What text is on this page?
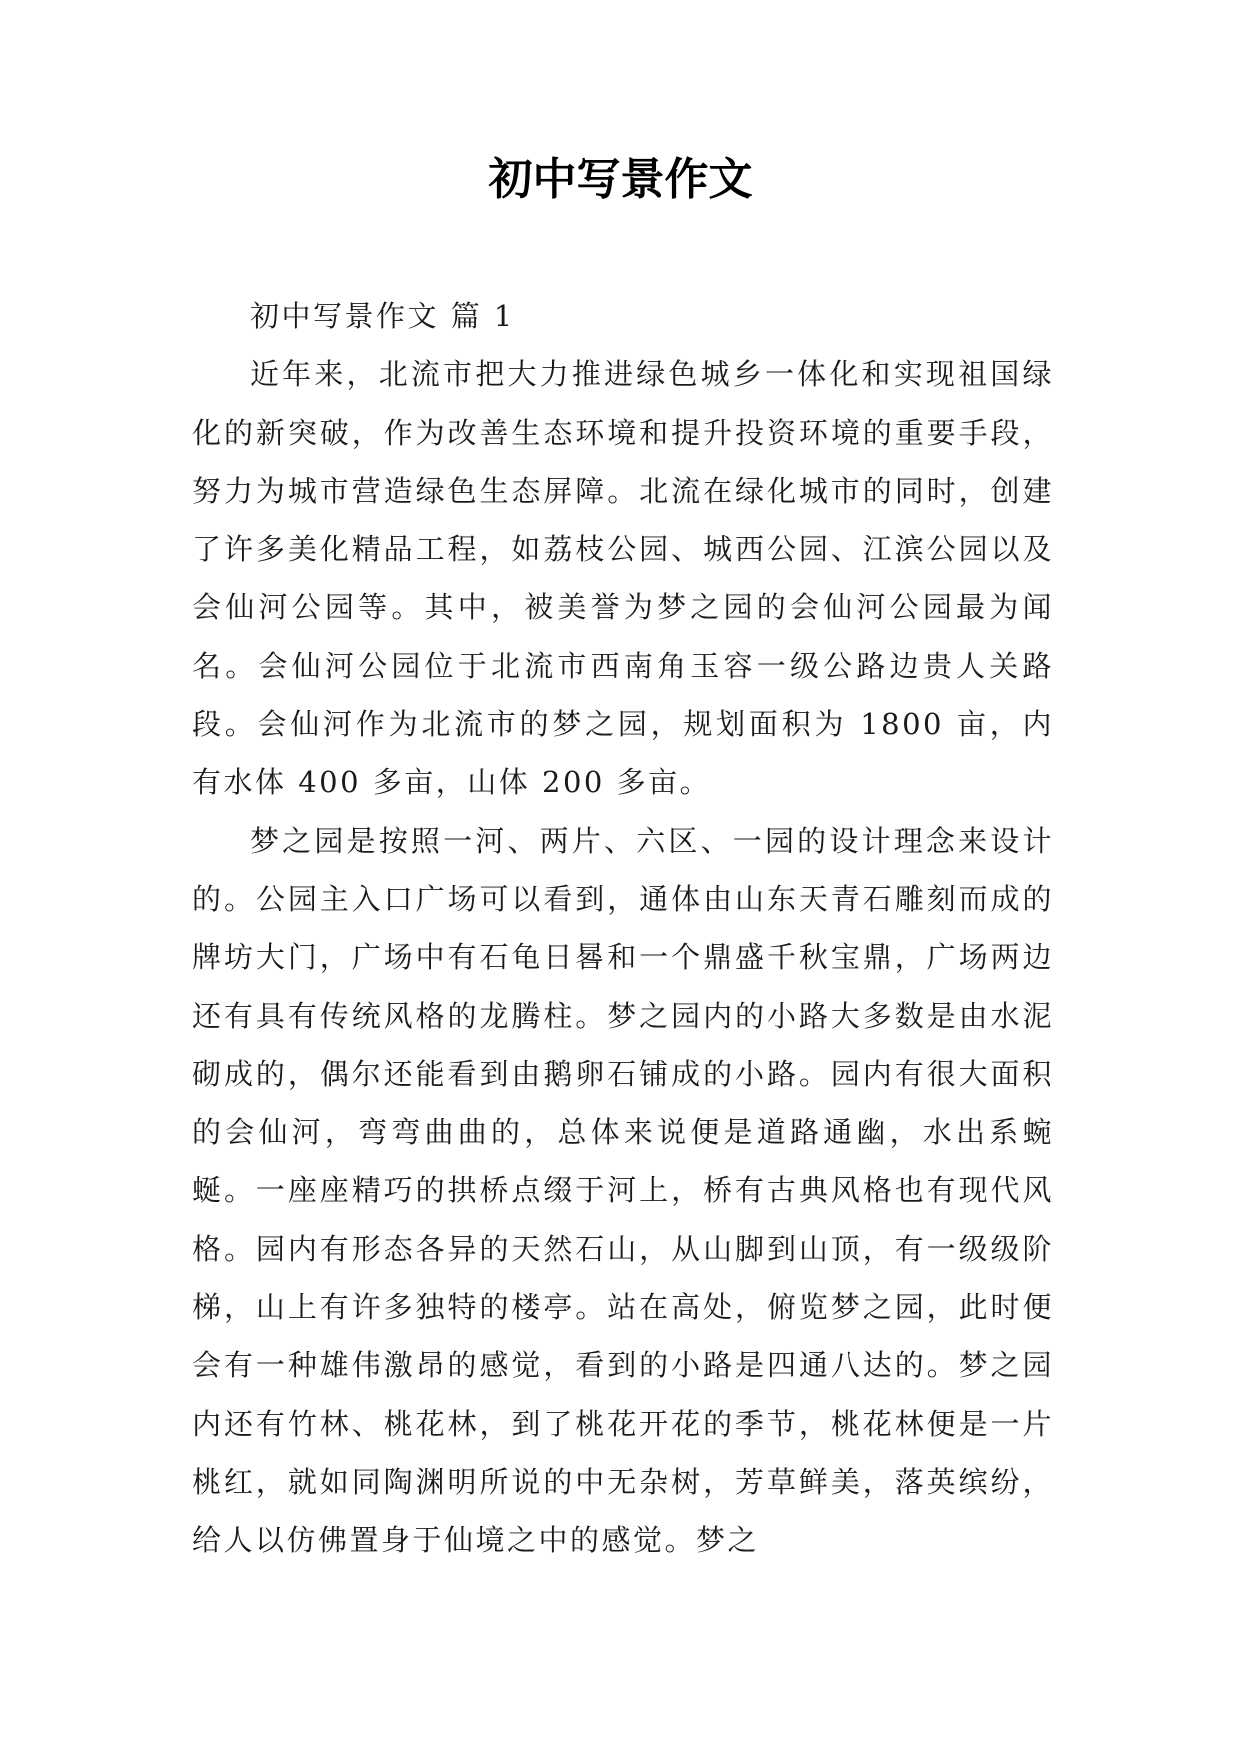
初中写景作文

初中写景作文 篇 1

近年来，北流市把大力推进绿色城乡一体化和实现祖国绿化的新突破，作为改善生态环境和提升投资环境的重要手段，努力为城市营造绿色生态屏障。北流在绿化城市的同时，创建了许多美化精品工程，如荔枝公园、城西公园、江滨公园以及会仙河公园等。其中，被美誉为梦之园的会仙河公园最为闻名。会仙河公园位于北流市西南角玉容一级公路边贵人关路段。会仙河作为北流市的梦之园，规划面积为 1800 亩，内有水体 400 多亩，山体 200 多亩。

梦之园是按照一河、两片、六区、一园的设计理念来设计的。公园主入口广场可以看到，通体由山东天青石雕刻而成的牌坊大门，广场中有石龟日晷和一个鼎盛千秋宝鼎，广场两边还有具有传统风格的龙腾柱。梦之园内的小路大多数是由水泥砌成的，偶尔还能看到由鹅卵石铺成的小路。园内有很大面积的会仙河，弯弯曲曲的，总体来说便是道路通幽，水出系蜿蜒。一座座精巧的拱桥点缀于河上，桥有古典风格也有现代风格。园内有形态各异的天然石山，从山脚到山顶，有一级级阶梯，山上有许多独特的楼亭。站在高处，俯览梦之园，此时便会有一种雄伟激昂的感觉，看到的小路是四通八达的。梦之园内还有竹林、桃花林，到了桃花开花的季节，桃花林便是一片桃红，就如同陶渊明所说的中无杂树，芳草鲜美，落英缤纷，给人以仿佛置身于仙境之中的感觉。梦之
